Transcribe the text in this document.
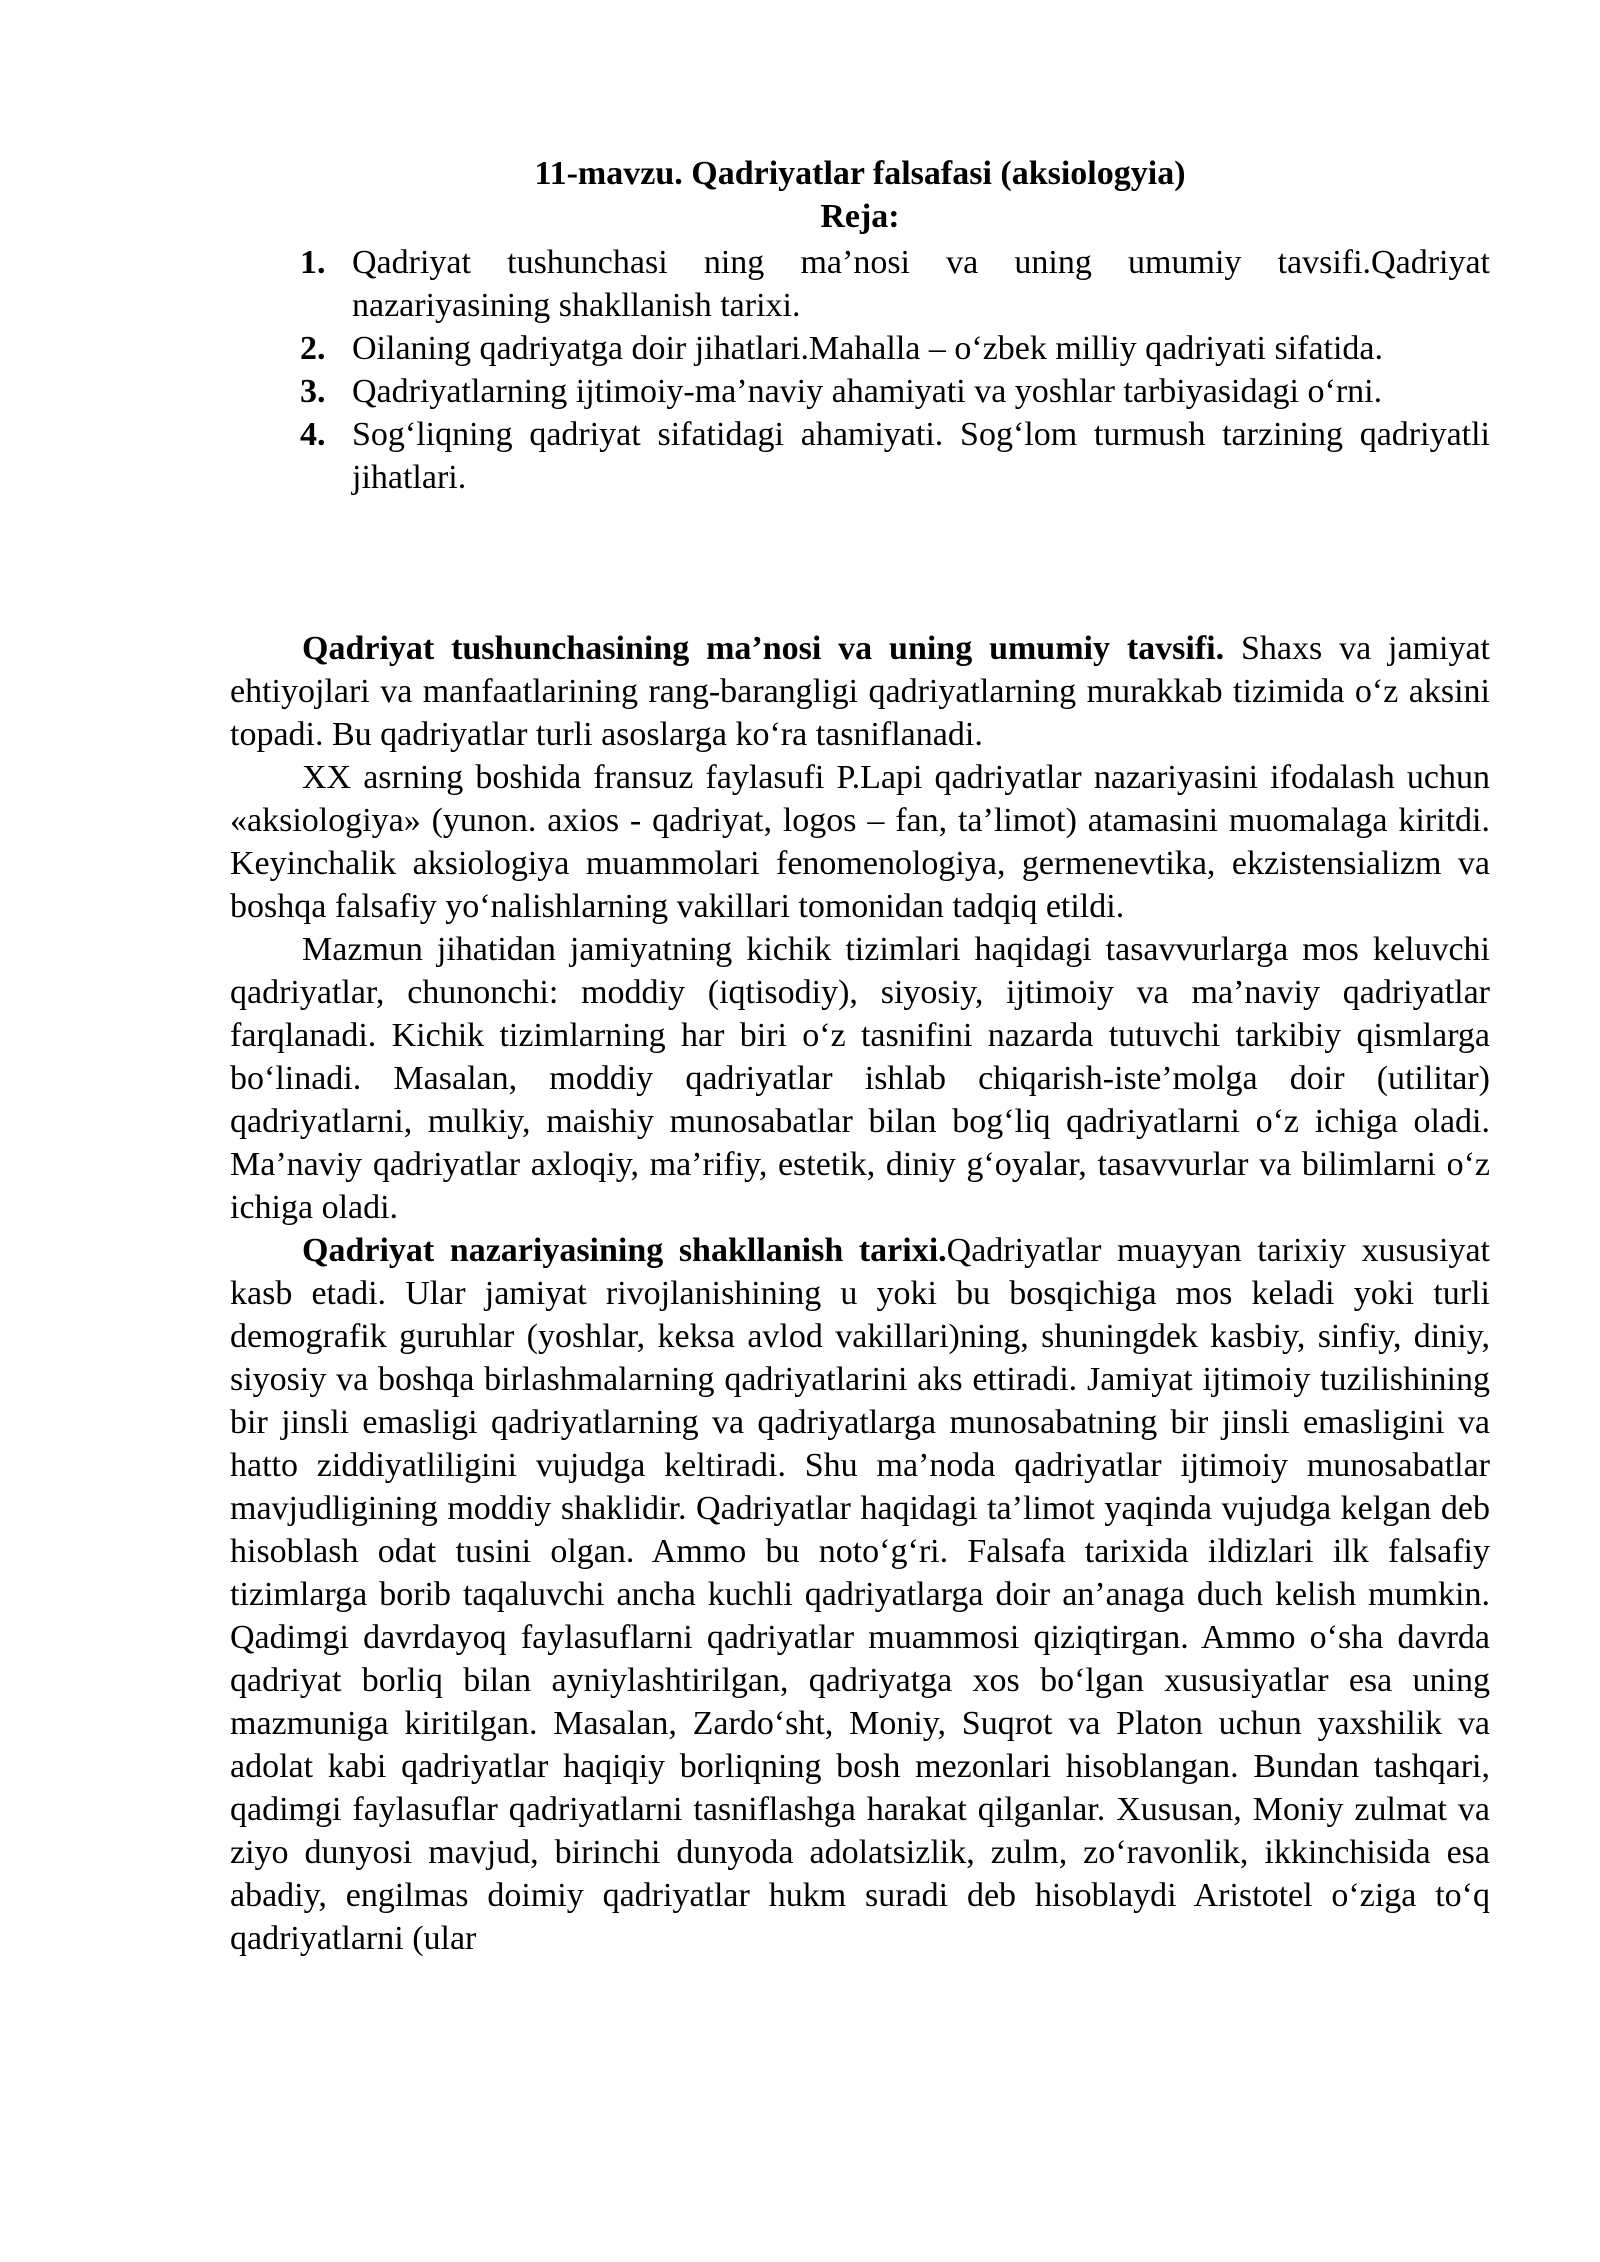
11-mavzu. Qadriyatlar falsafasi (aksiologyia)
Reja:
1. Qadriyat tushunchasi ning ma’nosi va uning umumiy tavsifi.Qadriyat nazariyasining shakllanish tarixi.
2. Oilaning qadriyatga doir jihatlari.Mahalla – o‘zbek milliy qadriyati sifatida.
3. Qadriyatlarning ijtimoiy-ma’naviy ahamiyati va yoshlar tarbiyasidagi o‘rni.
4. Sog‘liqning qadriyat sifatidagi ahamiyati. Sog‘lom turmush tarzining qadriyatli jihatlari.

Qadriyat tushunchasining ma’nosi va uning umumiy tavsifi. Shaxs va jamiyat ehtiyojlari va manfaatlarining rang-barangligi qadriyatlarning murakkab tizimida o‘z aksini topadi. Bu qadriyatlar turli asoslarga ko‘ra tasniflanadi.

XX asrning boshida fransuz faylasufi P.Lapi qadriyatlar nazariyasini ifodalash uchun «aksiologiya» (yunon. axios - qadriyat, logos – fan, ta’limot) atamasini muomalaga kiritdi. Keyinchalik aksiologiya muammolari fenomenologiya, germenevtika, ekzistensializm va boshqa falsafiy yo‘nalishlarning vakillari tomonidan tadqiq etildi.

Mazmun jihatidan jamiyatning kichik tizimlari haqidagi tasavvurlarga mos keluvchi qadriyatlar, chunonchi: moddiy (iqtisodiy), siyosiy, ijtimoiy va ma’naviy qadriyatlar farqlanadi. Kichik tizimlarning har biri o‘z tasnifini nazarda tutuvchi tarkibiy qismlarga bo‘linadi. Masalan, moddiy qadriyatlar ishlab chiqarish-iste’molga doir (utilitar) qadriyatlarni, mulkiy, maishiy munosabatlar bilan bog‘liq qadriyatlarni o‘z ichiga oladi. Ma’naviy qadriyatlar axloqiy, ma’rifiy, estetik, diniy g‘oyalar, tasavvurlar va bilimlarni o‘z ichiga oladi.

Qadriyat nazariyasining shakllanish tarixi.Qadriyatlar muayyan tarixiy xususiyat kasb etadi. Ular jamiyat rivojlanishining u yoki bu bosqichiga mos keladi yoki turli demografik guruhlar (yoshlar, keksa avlod vakillari)ning, shuningdek kasbiy, sinfiy, diniy, siyosiy va boshqa birlashmalarning qadriyatlarini aks ettiradi. Jamiyat ijtimoiy tuzilishining bir jinsli emasligi qadriyatlarning va qadriyatlarga munosabatning bir jinsli emasligini va hatto ziddiyatliligini vujudga keltiradi. Shu ma’noda qadriyatlar ijtimoiy munosabatlar mavjudligining moddiy shaklidir. Qadriyatlar haqidagi ta’limot yaqinda vujudga kelgan deb hisoblash odat tusini olgan. Ammo bu noto‘g‘ri. Falsafa tarixida ildizlari ilk falsafiy tizimlarga borib taqaluvchi ancha kuchli qadriyatlarga doir an’anaga duch kelish mumkin. Qadimgi davrdayoq faylasuflarni qadriyatlar muammosi qiziqtirgan. Ammo o‘sha davrda qadriyat borliq bilan ayniylashtirilgan, qadriyatga xos bo‘lgan xususiyatlar esa uning mazmuniga kiritilgan. Masalan, Zardo‘sht, Moniy, Suqrot va Platon uchun yaxshilik va adolat kabi qadriyatlar haqiqiy borliqning bosh mezonlari hisoblangan. Bundan tashqari, qadimgi faylasuflar qadriyatlarni tasniflashga harakat qilganlar. Xususan, Moniy zulmat va ziyo dunyosi mavjud, birinchi dunyoda adolatsizlik, zulm, zo‘ravonlik, ikkinchisida esa abadiy, engilmas doimiy qadriyatlar hukm suradi deb hisoblaydi Aristotel o‘ziga to‘q qadriyatlarni (ular
